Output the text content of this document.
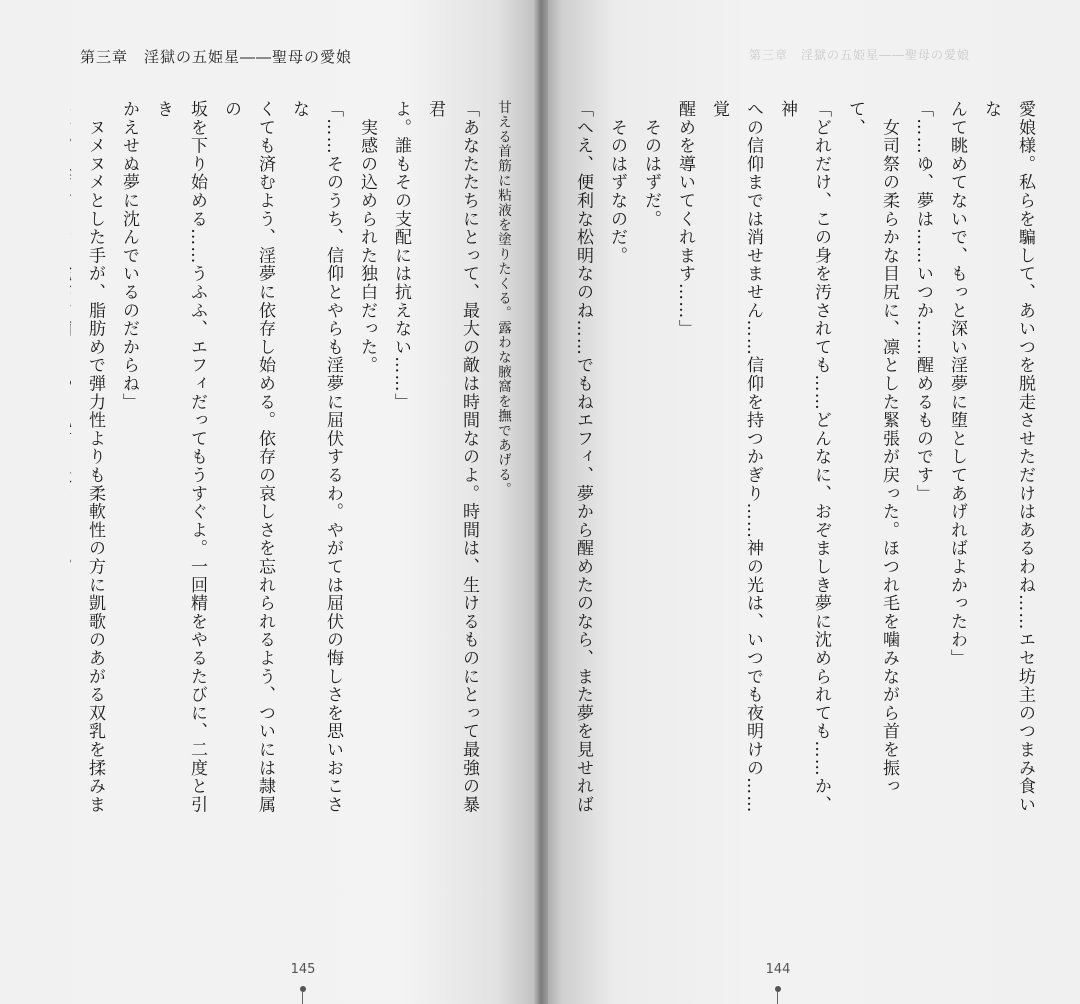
第三章　淫獄の五姫星――聖母の愛娘

甘える首筋に粘液を塗りたくる。露わな腋窩を撫であげる。

「あなたたちにとって、最大の敵は時間なのよ。時間は、生けるものにとって最強の暴君

よ。誰もその支配には抗えない……」

　実感の込められた独白だった。

「……そのうち、信仰とやらも淫夢に屈伏するわ。やがては屈伏の悔しさを思いおこさな

くても済むよう、淫夢に依存し始める。依存の哀しさを忘れられるよう、ついには隷属の

坂を下り始める……うふふ、エフィだってもうすぐよ。一回精をやるたびに、二度と引き

かえせぬ夢に沈んでいるのだからね」

　ヌメヌメとした手が、脂肪めで弾力性よりも柔軟性の方に凱歌のあがる双乳を揉みま

145
第三章　淫獄の五姫星――聖母の愛娘
144

愛娘様。私らを騙して、あいつを脱走させただけはあるわね……エセ坊主のつまみ食いな

んて眺めてないで、もっと深い淫夢に堕としてあげればよかったわ」

「……ゆ、夢は……いつか……醒めるものです」

　女司祭の柔らかな目尻に、凛とした緊張が戻った。ほつれ毛を噛みながら首を振って、

「どれだけ、この身を汚されても……どんなに、おぞましき夢に沈められても……か、神

への信仰までは消せません……信仰を持つかぎり……神の光は、いつでも夜明けの……覚

醒めを導いてくれます……」

　そのはずだ。

　そのはずなのだ。

「へえ、便利な松明なのね……でもねエフィ、夢から醒めたのなら、また夢を見せれば
